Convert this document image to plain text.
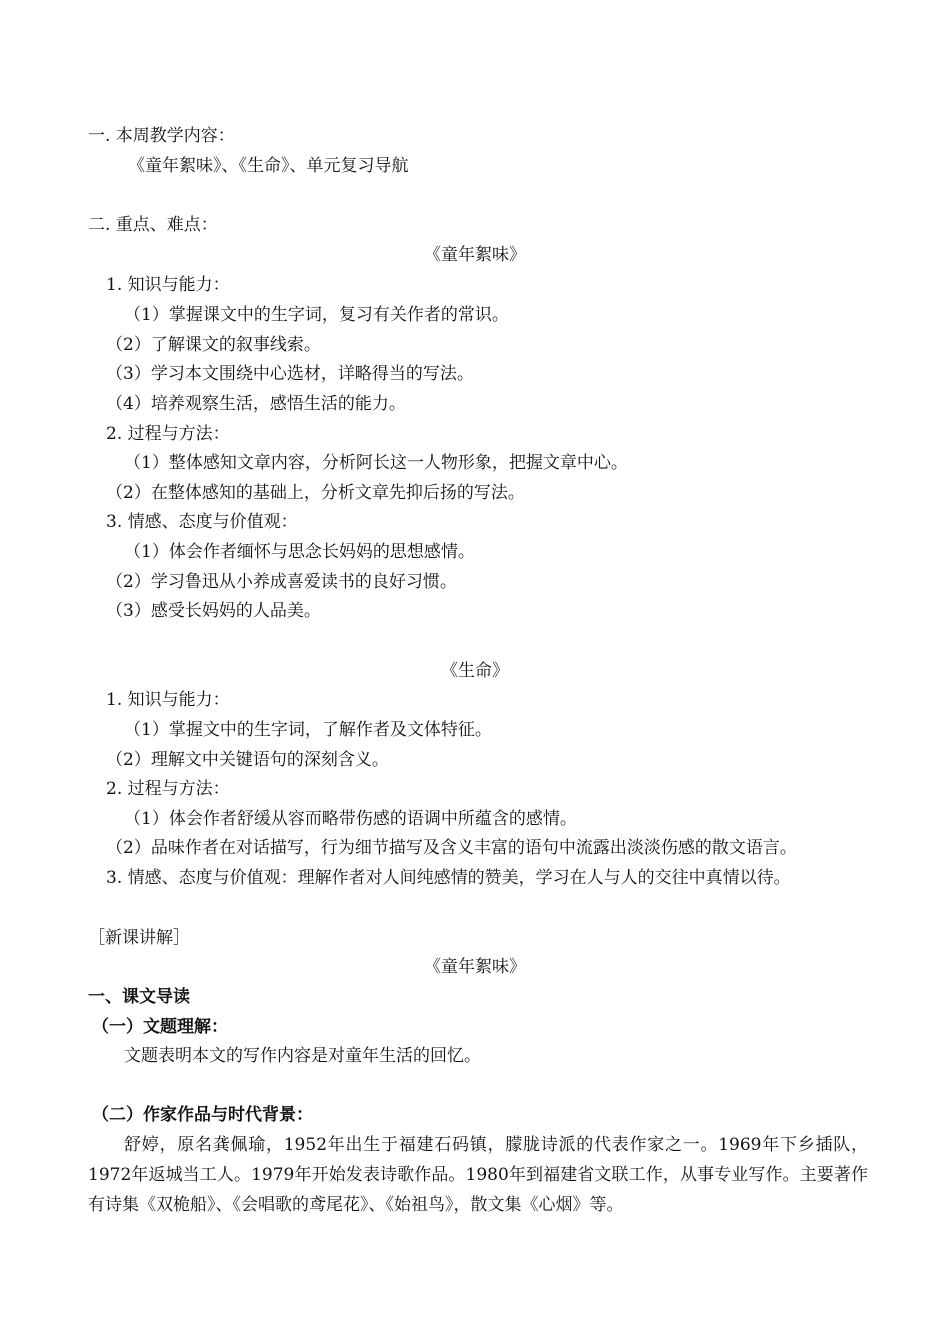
一. 本周教学内容：
《童年絮味》、《生命》、单元复习导航
二. 重点、难点：
《童年絮味》
1. 知识与能力：
（1）掌握课文中的生字词，复习有关作者的常识。
（2）了解课文的叙事线索。
（3）学习本文围绕中心选材，详略得当的写法。
（4）培养观察生活，感悟生活的能力。
2. 过程与方法：
（1）整体感知文章内容，分析阿长这一人物形象，把握文章中心。
（2）在整体感知的基础上，分析文章先抑后扬的写法。
3. 情感、态度与价值观：
（1）体会作者缅怀与思念长妈妈的思想感情。
（2）学习鲁迅从小养成喜爱读书的良好习惯。
（3）感受长妈妈的人品美。
《生命》
1. 知识与能力：
（1）掌握文中的生字词，了解作者及文体特征。
（2）理解文中关键语句的深刻含义。
2. 过程与方法：
（1）体会作者舒缓从容而略带伤感的语调中所蕴含的感情。
（2）品味作者在对话描写，行为细节描写及含义丰富的语句中流露出淡淡伤感的散文语言。
3. 情感、态度与价值观：理解作者对人间纯感情的赞美，学习在人与人的交往中真情以待。
［新课讲解］
《童年絮味》
一、课文导读
（一）文题理解：
文题表明本文的写作内容是对童年生活的回忆。
（二）作家作品与时代背景：
舒婷，原名龚佩瑜，1952年出生于福建石码镇，朦胧诗派的代表作家之一。1969年下乡插队，1972年返城当工人。1979年开始发表诗歌作品。1980年到福建省文联工作，从事专业写作。主要著作有诗集《双桅船》、《会唱歌的鸢尾花》、《始祖鸟》，散文集《心烟》等。
